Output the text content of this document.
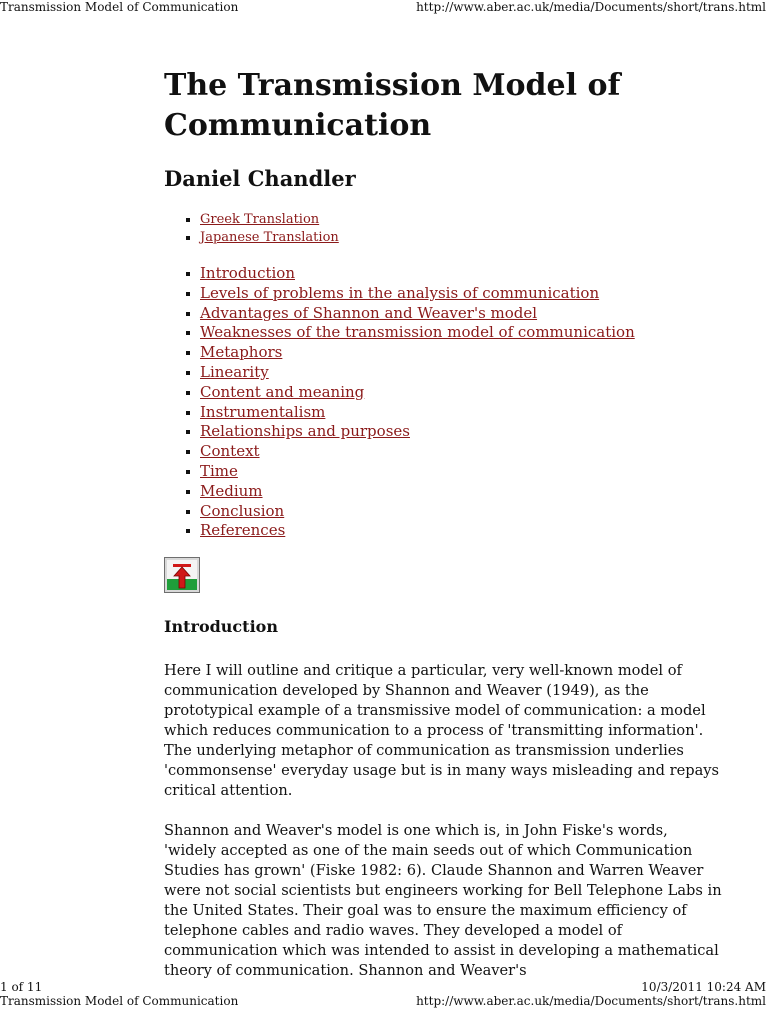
Transmission Model of Communication	http://www.aber.ac.uk/media/Documents/short/trans.html
The Transmission Model of Communication
Daniel Chandler
Greek Translation
Japanese Translation
Introduction
Levels of problems in the analysis of communication
Advantages of Shannon and Weaver's model
Weaknesses of the transmission model of communication
Metaphors
Linearity
Content and meaning
Instrumentalism
Relationships and purposes
Context
Time
Medium
Conclusion
References
Introduction

Here I will outline and critique a particular, very well-known model of communication developed by Shannon and Weaver (1949), as the prototypical example of a transmissive model of communication: a model which reduces communication to a process of 'transmitting information'. The underlying metaphor of communication as transmission underlies 'commonsense' everyday usage but is in many ways misleading and repays critical attention.

Shannon and Weaver's model is one which is, in John Fiske's words, 'widely accepted as one of the main seeds out of which Communication Studies has grown' (Fiske 1982: 6). Claude Shannon and Warren Weaver were not social scientists but engineers working for Bell Telephone Labs in the United States. Their goal was to ensure the maximum efficiency of telephone cables and radio waves. They developed a model of communication which was intended to assist in developing a mathematical theory of communication. Shannon and Weaver's

1 of 11	10/3/2011 10:24 AM
Transmission Model of Communication	http://www.aber.ac.uk/media/Documents/short/trans.html
